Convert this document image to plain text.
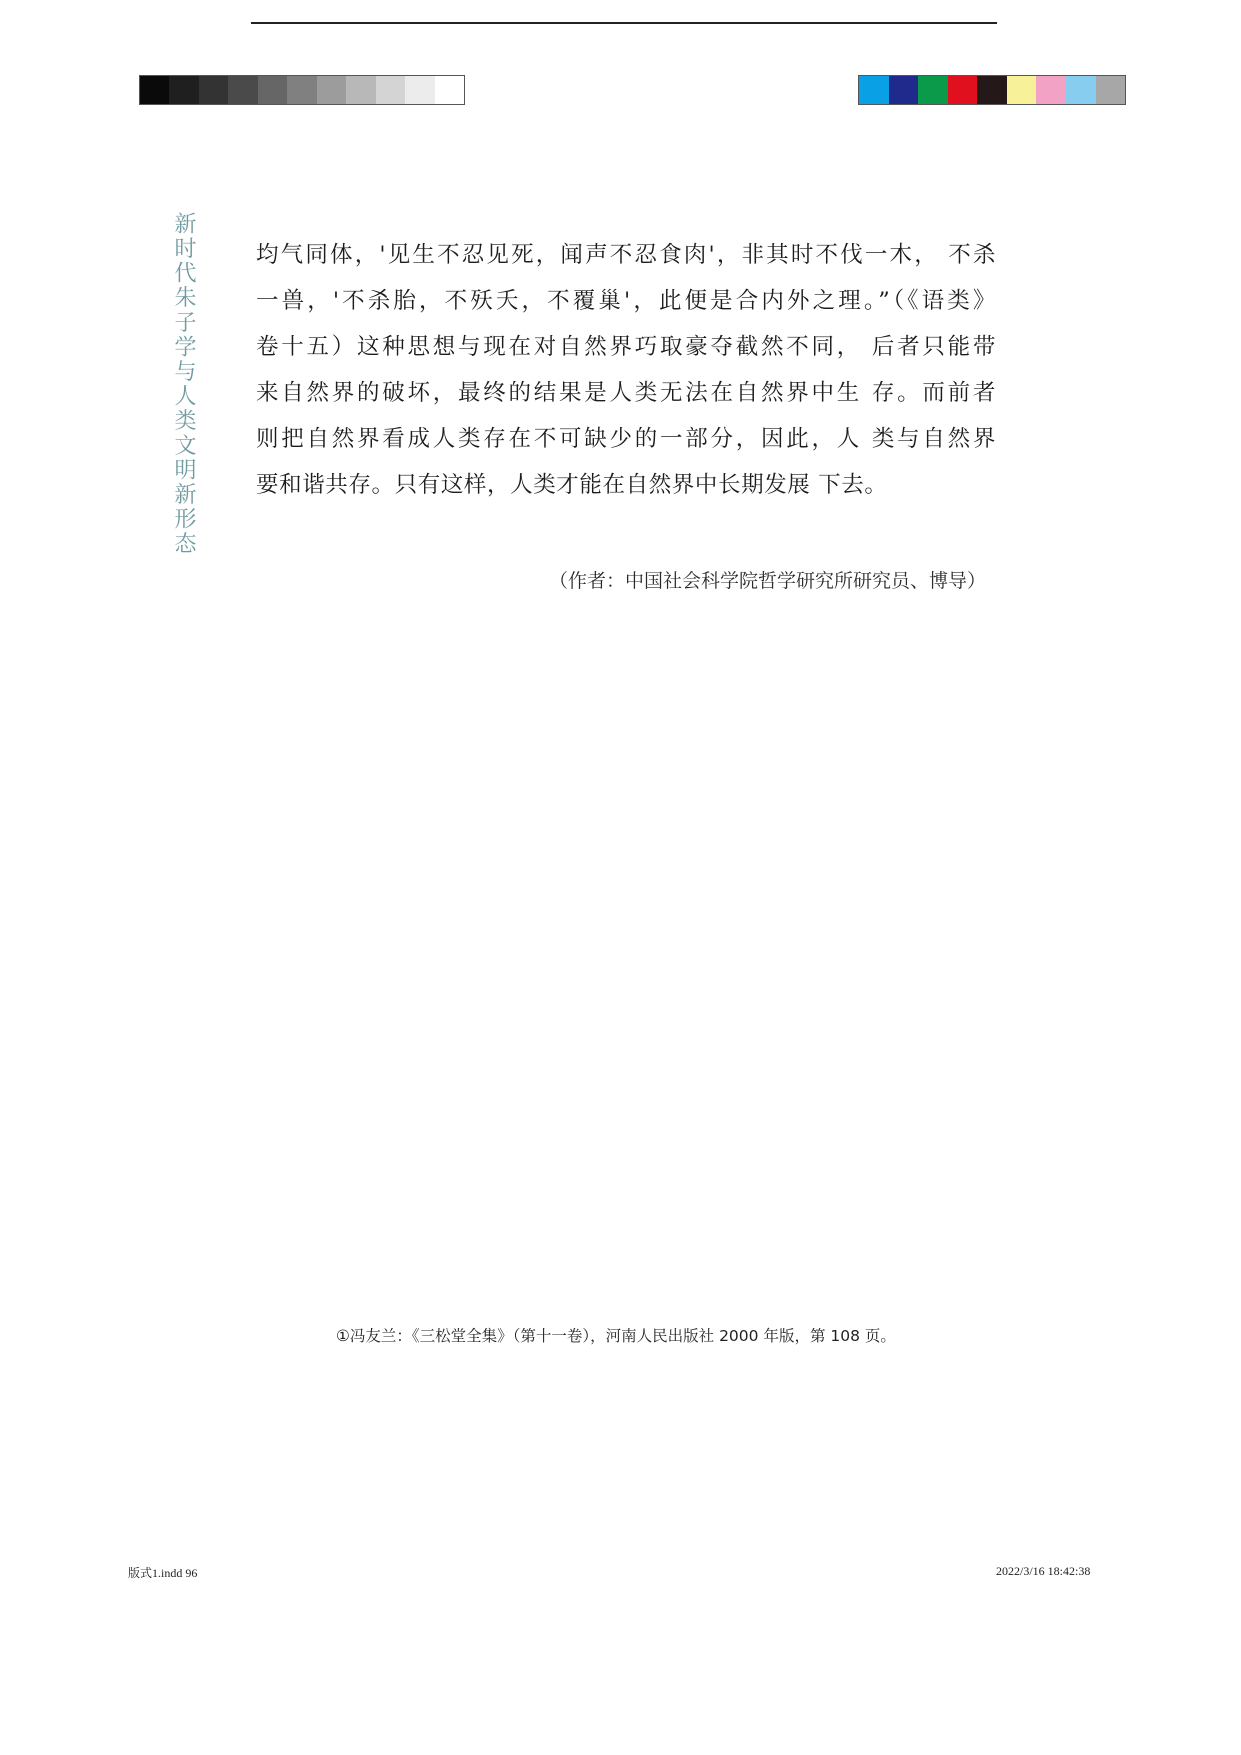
新时代朱子学与人类文明新形态	均气同体，'见生不忍见死，闻声不忍食肉'，非其时不伐一木， 不杀
一兽，'不杀胎，不殀夭，不覆巢'，此便是合内外之理。”（《语类》
卷十五）这种思想与现在对自然界巧取豪夺截然不同， 后者只能带
来自然界的破坏，最终的结果是人类无法在自然界中生 存。而前者
则把自然界看成人类存在不可缺少的一部分，因此，人 类与自然界
要和谐共存。只有这样，人类才能在自然界中长期发展 下去。
（作者：中国社会科学院哲学研究所研究员、博导）
①冯友兰：《三松堂全集》（第十一卷），河南人民出版社 2000 年版，第 108 页。
版式1.indd 96	2022/3/16 18:42:38
